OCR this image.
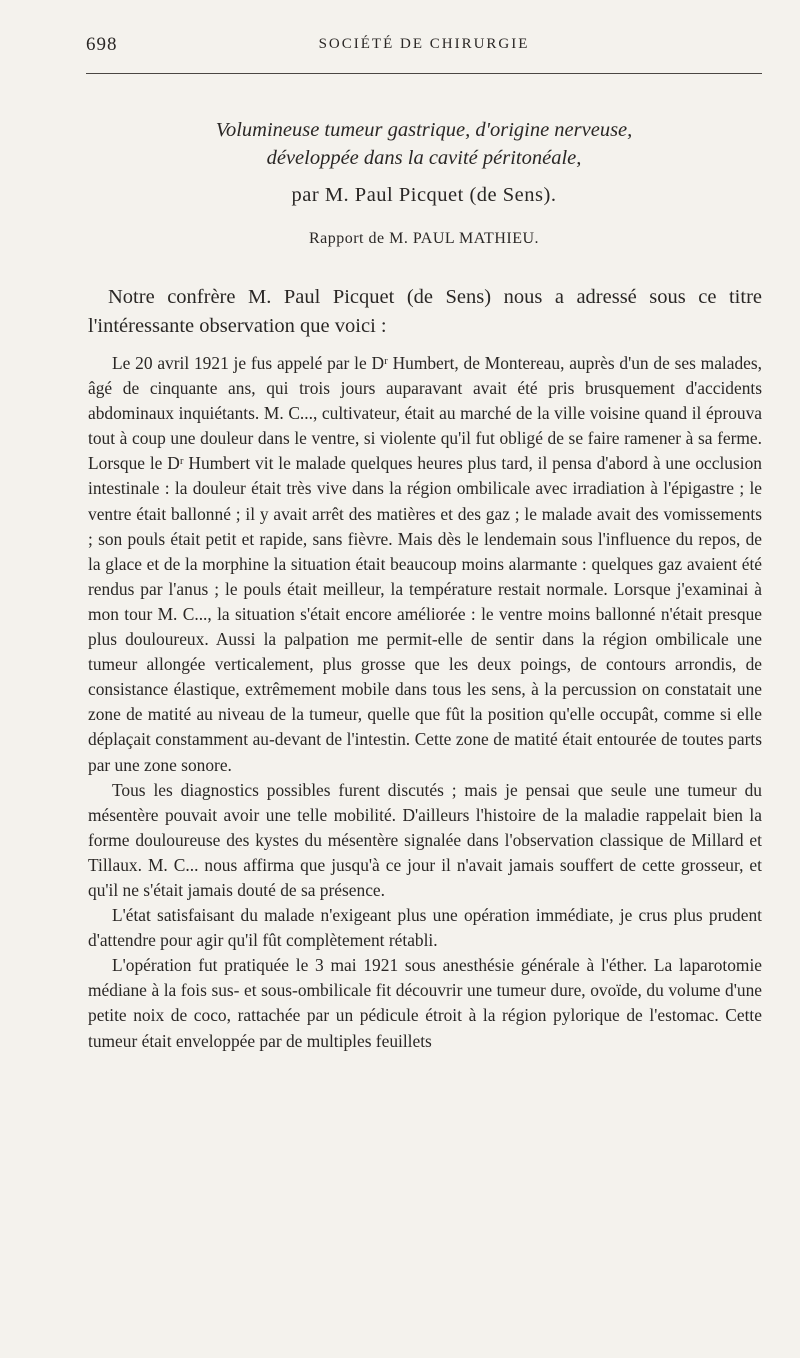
698	SOCIÉTÉ DE CHIRURGIE
Volumineuse tumeur gastrique, d'origine nerveuse,
développée dans la cavité péritonéale,
par M. Paul Picquet (de Sens).
Rapport de M. PAUL MATHIEU.

Notre confrère M. Paul Picquet (de Sens) nous a adressé sous ce titre l'intéressante observation que voici :

Le 20 avril 1921 je fus appelé par le Dʳ Humbert, de Montereau, auprès d'un de ses malades, âgé de cinquante ans, qui trois jours auparavant avait été pris brusquement d'accidents abdominaux inquiétants. M. C..., cultivateur, était au marché de la ville voisine quand il éprouva tout à coup une douleur dans le ventre, si violente qu'il fut obligé de se faire ramener à sa ferme. Lorsque le Dʳ Humbert vit le malade quelques heures plus tard, il pensa d'abord à une occlusion intestinale : la douleur était très vive dans la région ombilicale avec irradiation à l'épigastre ; le ventre était ballonné ; il y avait arrêt des matières et des gaz ; le malade avait des vomissements ; son pouls était petit et rapide, sans fièvre. Mais dès le lendemain sous l'influence du repos, de la glace et de la morphine la situation était beaucoup moins alarmante : quelques gaz avaient été rendus par l'anus ; le pouls était meilleur, la température restait normale. Lorsque j'examinai à mon tour M. C..., la situation s'était encore améliorée : le ventre moins ballonné n'était presque plus douloureux. Aussi la palpation me permit-elle de sentir dans la région ombilicale une tumeur allongée verticalement, plus grosse que les deux poings, de contours arrondis, de consistance élastique, extrêmement mobile dans tous les sens, à la percussion on constatait une zone de matité au niveau de la tumeur, quelle que fût la position qu'elle occupât, comme si elle déplaçait constamment au-devant de l'intestin. Cette zone de matité était entourée de toutes parts par une zone sonore.

Tous les diagnostics possibles furent discutés ; mais je pensai que seule une tumeur du mésentère pouvait avoir une telle mobilité. D'ailleurs l'histoire de la maladie rappelait bien la forme douloureuse des kystes du mésentère signalée dans l'observation classique de Millard et Tillaux. M. C... nous affirma que jusqu'à ce jour il n'avait jamais souffert de cette grosseur, et qu'il ne s'était jamais douté de sa présence.

L'état satisfaisant du malade n'exigeant plus une opération immédiate, je crus plus prudent d'attendre pour agir qu'il fût complètement rétabli.

L'opération fut pratiquée le 3 mai 1921 sous anesthésie générale à l'éther. La laparotomie médiane à la fois sus- et sous-ombilicale fit découvrir une tumeur dure, ovoïde, du volume d'une petite noix de coco, rattachée par un pédicule étroit à la région pylorique de l'estomac. Cette tumeur était enveloppée par de multiples feuillets
